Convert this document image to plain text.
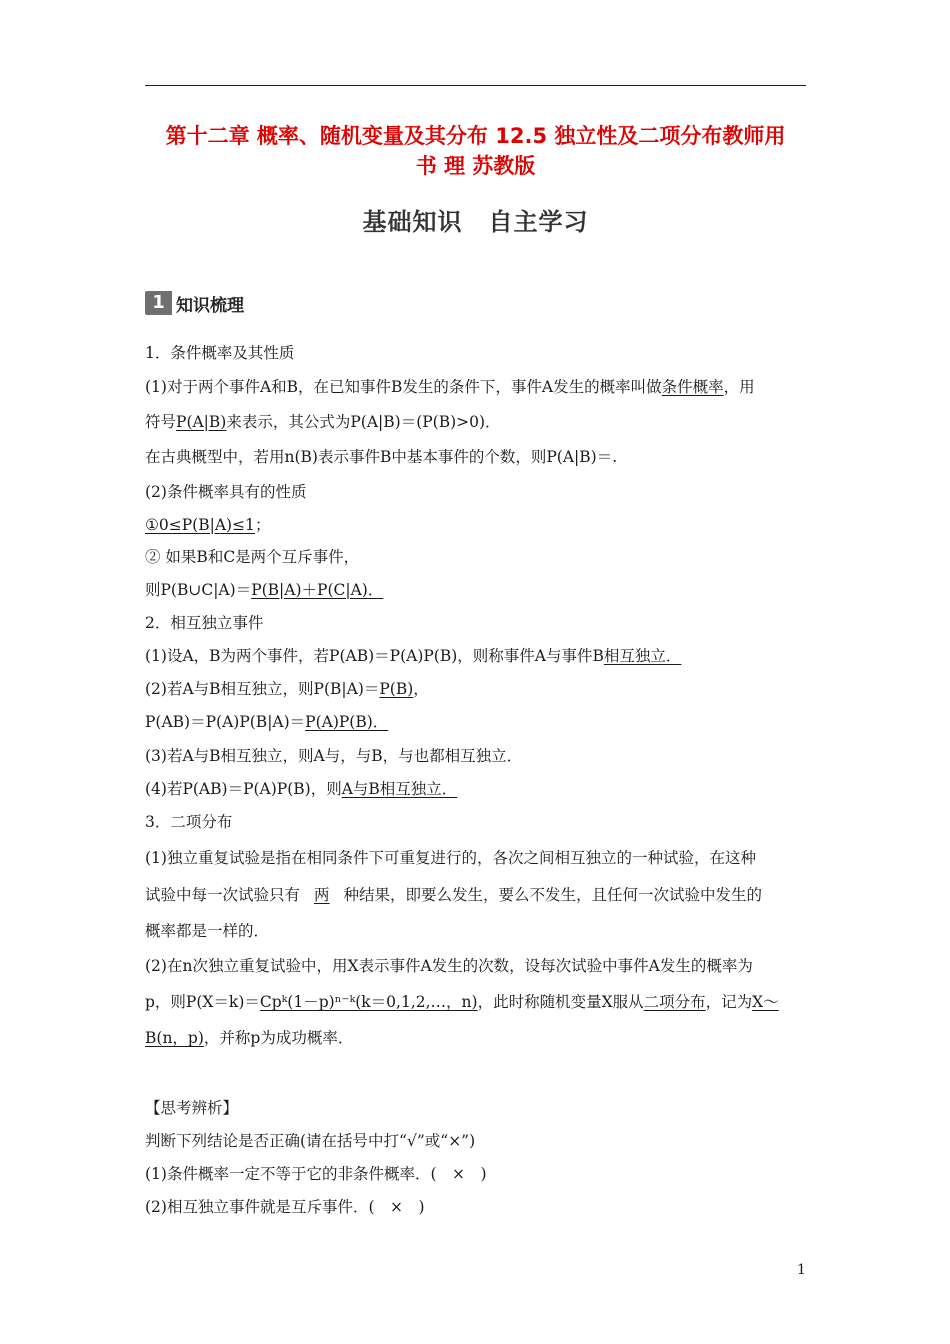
第十二章 概率、随机变量及其分布 12.5 独立性及二项分布教师用
书 理 苏教版
基础知识 自主学习
1 知识梳理
1．条件概率及其性质
(1)对于两个事件A和B，在已知事件B发生的条件下，事件A发生的概率叫做条件概率，用
符号P(A|B)来表示，其公式为P(A|B)＝(P(B)>0)．
在古典概型中，若用n(B)表示事件B中基本事件的个数，则P(A|B)＝.
(2)条件概率具有的性质
①0≤P(B|A)≤1；
② 如果B和C是两个互斥事件，
则P(B∪C|A)＝P(B|A)＋P(C|A)．
2．相互独立事件
(1)设A，B为两个事件，若P(AB)＝P(A)P(B)，则称事件A与事件B相互独立．
(2)若A与B相互独立，则P(B|A)＝P(B)，
P(AB)＝P(A)P(B|A)＝P(A)P(B)．
(3)若A与B相互独立，则A与，与B，与也都相互独立．
(4)若P(AB)＝P(A)P(B)，则A与B相互独立．
3．二项分布
(1)独立重复试验是指在相同条件下可重复进行的，各次之间相互独立的一种试验，在这种
试验中每一次试验只有 两 种结果，即要么发生，要么不发生，且任何一次试验中发生的
概率都是一样的．
(2)在n次独立重复试验中，用X表示事件A发生的次数，设每次试验中事件A发生的概率为
p，则P(X＝k)＝Cpᵏ(1－p)ⁿ⁻ᵏ(k＝0,1,2,…，n)，此时称随机变量X服从二项分布，记为X～
B(n，p)，并称p为成功概率．
【思考辨析】
判断下列结论是否正确(请在括号中打“√”或“×”)
(1)条件概率一定不等于它的非条件概率．(　×　)
(2)相互独立事件就是互斥事件．(　×　)
1
